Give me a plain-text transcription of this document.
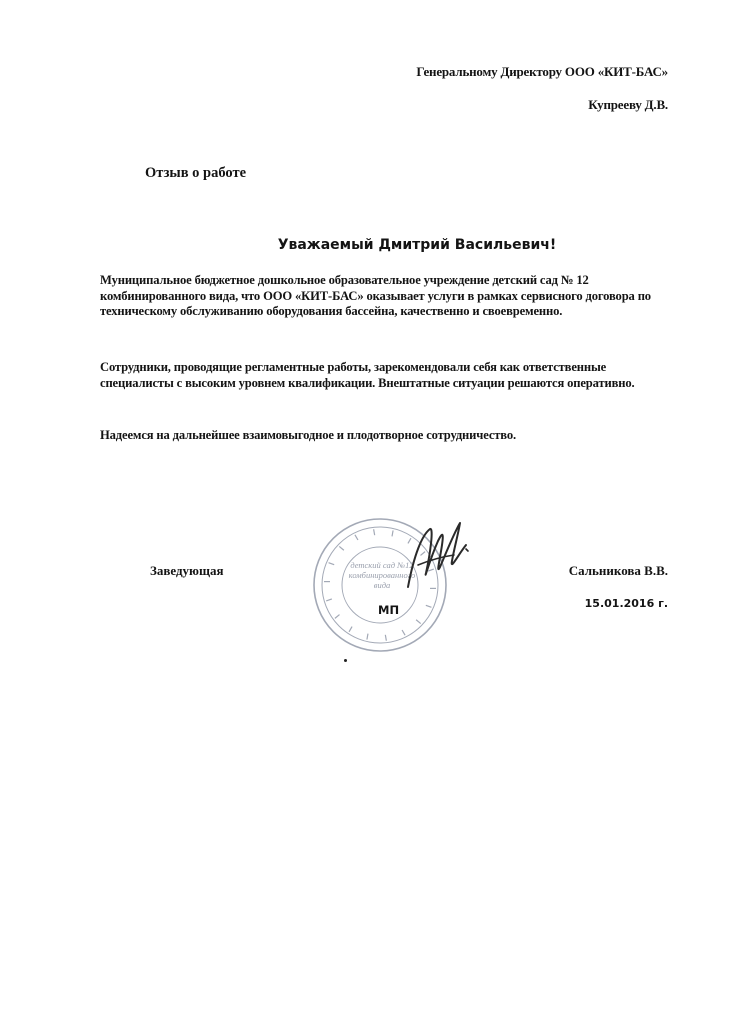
Генеральному Директору ООО «КИТ-БАС»
Купрееву Д.В.
Отзыв о работе
Уважаемый Дмитрий Васильевич!

Муниципальное бюджетное дошкольное образовательное учреждение детский сад № 12 комбинированного вида, что ООО «КИТ-БАС» оказывает услуги в рамках сервисного договора по техническому обслуживанию оборудования бассейна, качественно и своевременно.

Сотрудники, проводящие регламентные работы, зарекомендовали себя как ответственные специалисты с высоким уровнем квалификации. Внештатные ситуации решаются оперативно.

Надеемся на дальнейшее взаимовыгодное и плодотворное сотрудничество.

детский сад №12 комбинированного вида
Заведующая
МП
Сальникова В.В.
15.01.2016 г.
